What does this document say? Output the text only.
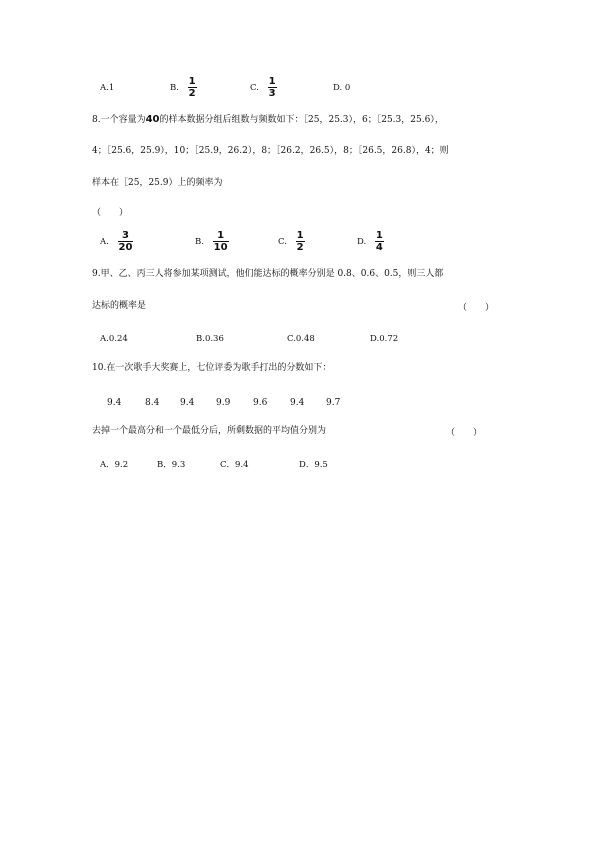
A.1	B. $\frac{1}{2}$	C. $\frac{1}{3}$	D. 0
8.一个容量为40的样本数据分组后组数与频数如下：［25，25.3），6；［25.3，25.6），
4；［25.6，25.9），10；［25.9，26.2），8；［26.2，26.5），8；［26.5，26.8），4；则
样本在［25，25.9）上的频率为
（　　）
A. $\frac{3}{20}$	B. $\frac{1}{10}$	C. $\frac{1}{2}$	D. $\frac{1}{4}$
9.甲、乙、丙三人将参加某项测试，他们能达标的概率分别是 0.8、0.6、0.5，则三人都
达标的概率是	（　　）
A.0.24	B.0.36	C.0.48	D.0.72
10.在一次歌手大奖赛上，七位评委为歌手打出的分数如下：
9.4	8.4 9.4 9.9	9.6	9.4 9.7
去掉一个最高分和一个最低分后，所剩数据的平均值分别为	（　　）
A．9.2	B．9.3	C．9.4	D．9.5
